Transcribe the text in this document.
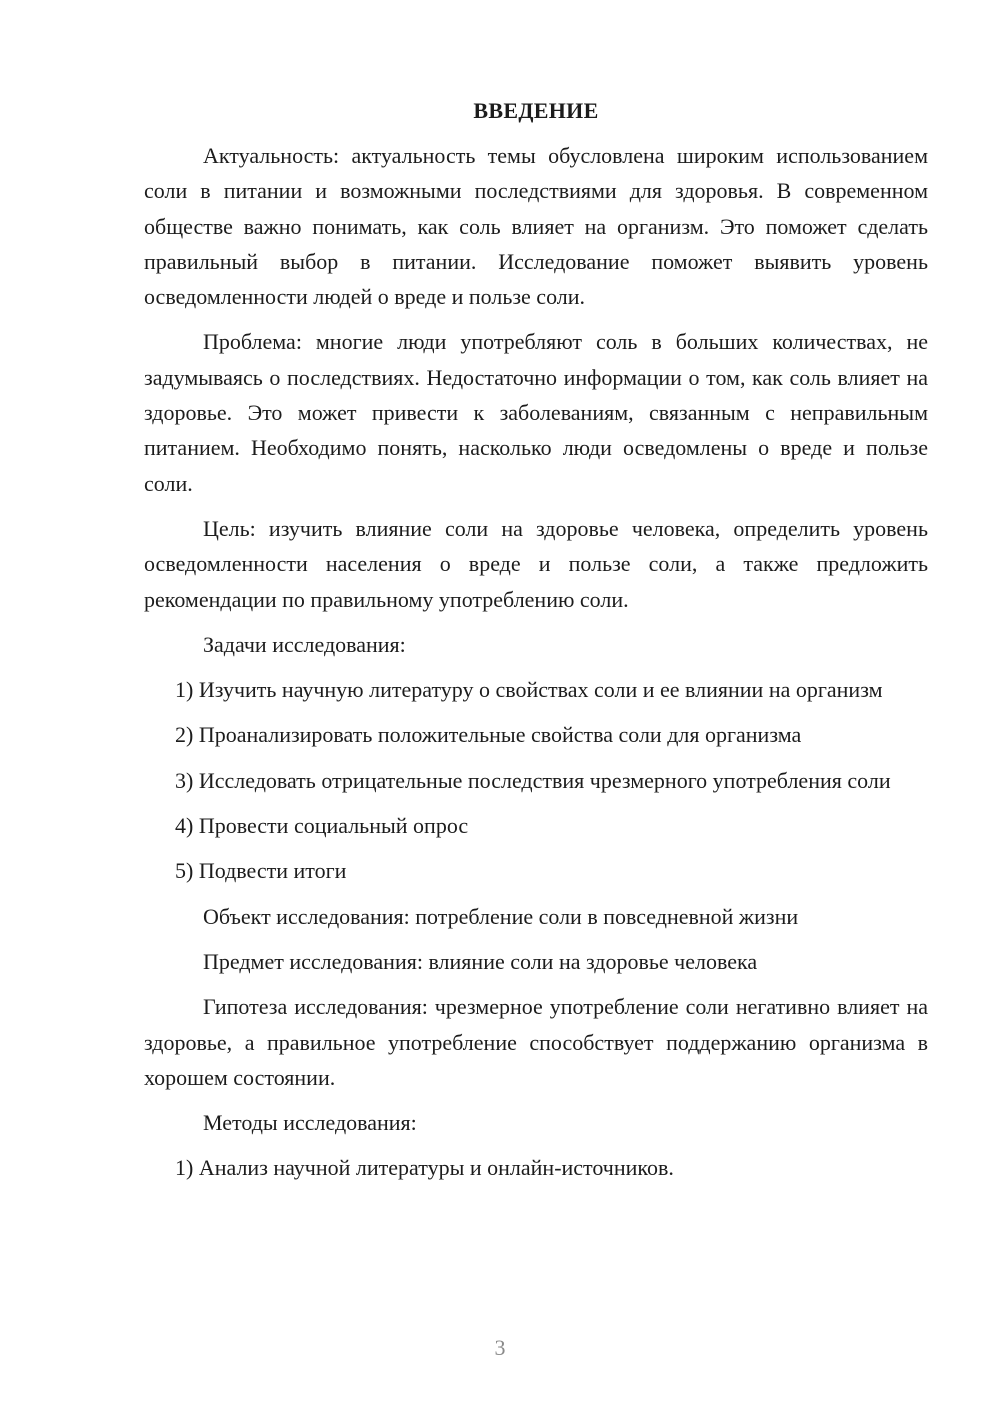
ВВЕДЕНИЕ
Актуальность: актуальность темы обусловлена широким использованием соли в питании и возможными последствиями для здоровья. В современном обществе важно понимать, как соль влияет на организм. Это поможет сделать правильный выбор в питании. Исследование поможет выявить уровень осведомленности людей о вреде и пользе соли.
Проблема: многие люди употребляют соль в больших количествах, не задумываясь о последствиях. Недостаточно информации о том, как соль влияет на здоровье. Это может привести к заболеваниям, связанным с неправильным питанием. Необходимо понять, насколько люди осведомлены о вреде и пользе соли.
Цель: изучить влияние соли на здоровье человека, определить уровень осведомленности населения о вреде и пользе соли, а также предложить рекомендации по правильному употреблению соли.
Задачи исследования:
1) Изучить научную литературу о свойствах соли и ее влиянии на организм
2) Проанализировать положительные свойства соли для организма
3) Исследовать отрицательные последствия чрезмерного употребления соли
4) Провести социальный опрос
5) Подвести итоги
Объект исследования: потребление соли в повседневной жизни
Предмет исследования: влияние соли на здоровье человека
Гипотеза исследования: чрезмерное употребление соли негативно влияет на здоровье, а правильное употребление способствует поддержанию организма в хорошем состоянии.
Методы исследования:
1) Анализ научной литературы и онлайн-источников.
3
